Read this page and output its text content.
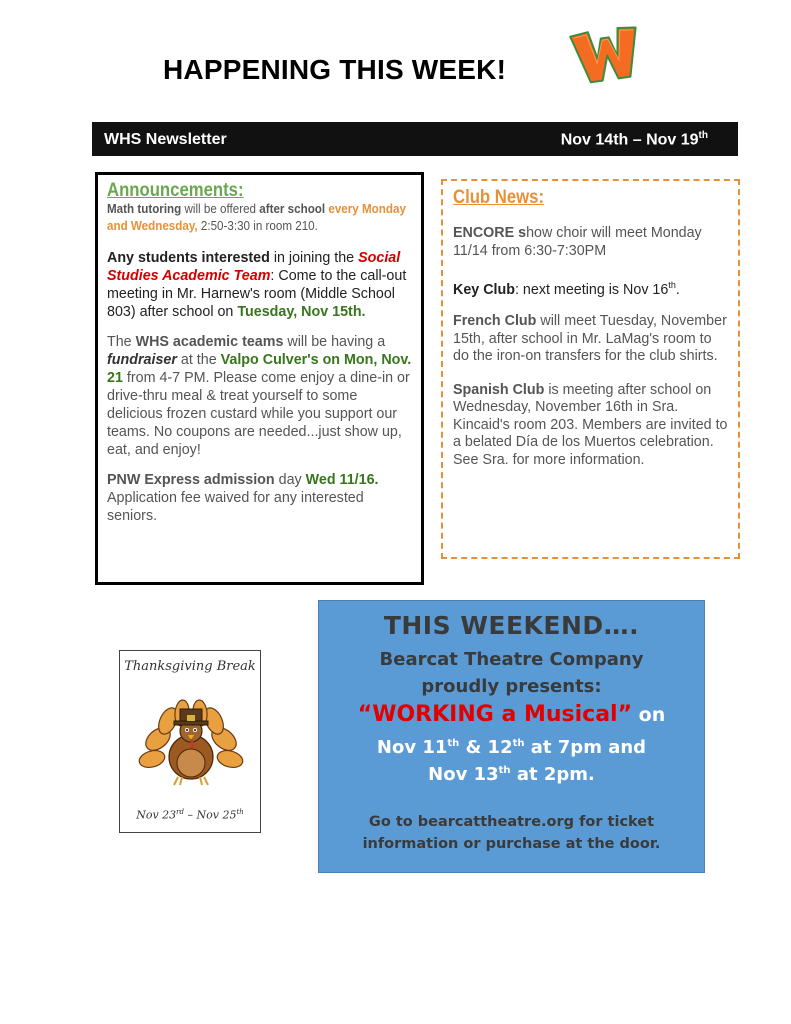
HAPPENING THIS WEEK!
WHS Newsletter	Nov 14th – Nov 19th
Announcements:

Math tutoring will be offered after school every Monday and Wednesday, 2:50-3:30 in room 210.

Any students interested in joining the Social Studies Academic Team: Come to the call-out meeting in Mr. Harnew's room (Middle School 803) after school on Tuesday, Nov 15th.

The WHS academic teams will be having a fundraiser at the Valpo Culver's on Mon, Nov. 21 from 4-7 PM. Please come enjoy a dine-in or drive-thru meal & treat yourself to some delicious frozen custard while you support our teams. No coupons are needed...just show up, eat, and enjoy!

PNW Express admission day Wed 11/16. Application fee waived for any interested seniors.

Club News:

ENCORE show choir will meet Monday 11/14 from 6:30-7:30PM

Key Club: next meeting is Nov 16th.

French Club will meet Tuesday, November 15th, after school in Mr. LaMag's room to do the iron-on transfers for the club shirts.

Spanish Club is meeting after school on Wednesday, November 16th in Sra. Kincaid's room 203. Members are invited to a belated Día de los Muertos celebration. See Sra. for more information.

Thanksgiving Break
Nov 23rd – Nov 25th
THIS WEEKEND….
Bearcat Theatre Company
proudly presents:
“WORKING a Musical” on
Nov 11th & 12th at 7pm and
Nov 13th at 2pm.
Go to bearcattheatre.org for ticket
information or purchase at the door.
